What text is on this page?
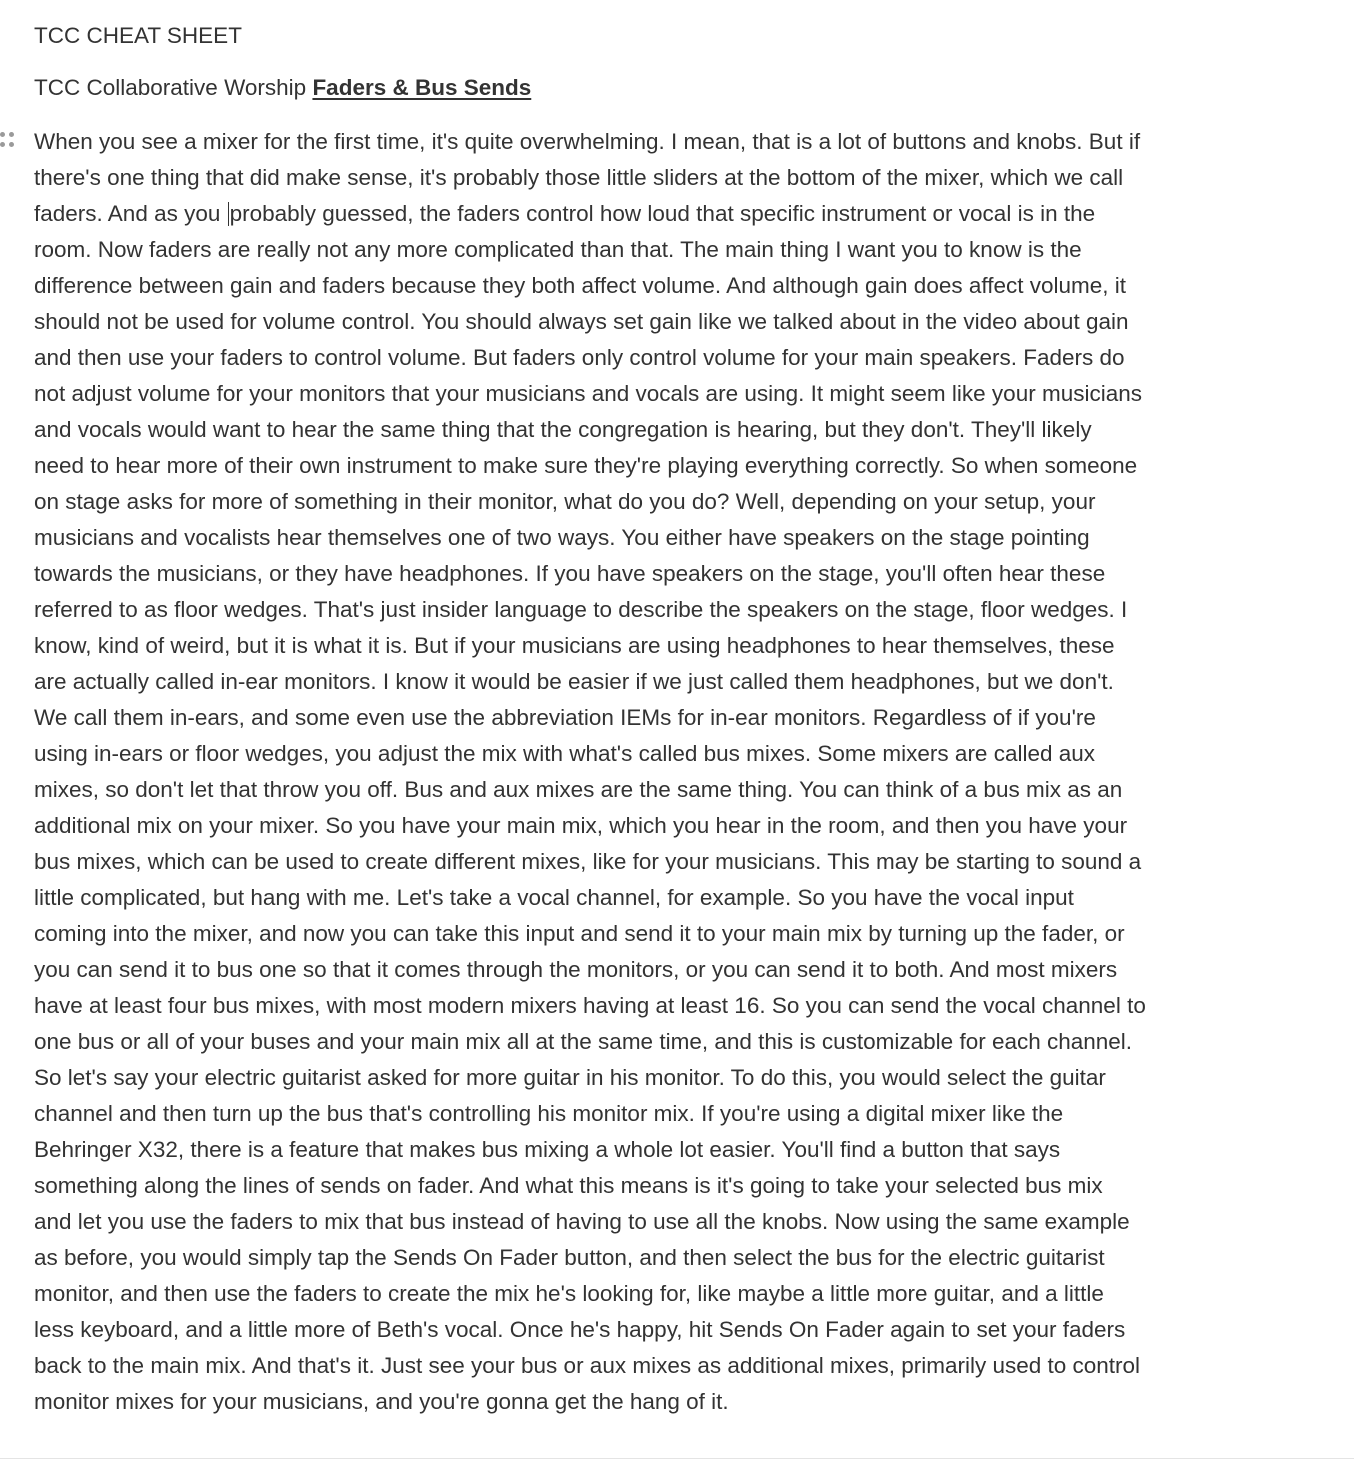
TCC CHEAT SHEET
TCC Collaborative Worship Faders & Bus Sends
When you see a mixer for the first time, it's quite overwhelming. I mean, that is a lot of buttons and knobs. But if
there's one thing that did make sense, it's probably those little sliders at the bottom of the mixer, which we call
faders. And as you probably guessed, the faders control how loud that specific instrument or vocal is in the
room. Now faders are really not any more complicated than that. The main thing I want you to know is the
difference between gain and faders because they both affect volume. And although gain does affect volume, it
should not be used for volume control. You should always set gain like we talked about in the video about gain
and then use your faders to control volume. But faders only control volume for your main speakers. Faders do
not adjust volume for your monitors that your musicians and vocals are using. It might seem like your musicians
and vocals would want to hear the same thing that the congregation is hearing, but they don't. They'll likely
need to hear more of their own instrument to make sure they're playing everything correctly. So when someone
on stage asks for more of something in their monitor, what do you do? Well, depending on your setup, your
musicians and vocalists hear themselves one of two ways. You either have speakers on the stage pointing
towards the musicians, or they have headphones. If you have speakers on the stage, you'll often hear these
referred to as floor wedges. That's just insider language to describe the speakers on the stage, floor wedges. I
know, kind of weird, but it is what it is. But if your musicians are using headphones to hear themselves, these
are actually called in-ear monitors. I know it would be easier if we just called them headphones, but we don't.
We call them in-ears, and some even use the abbreviation IEMs for in-ear monitors. Regardless of if you're
using in-ears or floor wedges, you adjust the mix with what's called bus mixes. Some mixers are called aux
mixes, so don't let that throw you off. Bus and aux mixes are the same thing. You can think of a bus mix as an
additional mix on your mixer. So you have your main mix, which you hear in the room, and then you have your
bus mixes, which can be used to create different mixes, like for your musicians. This may be starting to sound a
little complicated, but hang with me. Let's take a vocal channel, for example. So you have the vocal input
coming into the mixer, and now you can take this input and send it to your main mix by turning up the fader, or
you can send it to bus one so that it comes through the monitors, or you can send it to both. And most mixers
have at least four bus mixes, with most modern mixers having at least 16. So you can send the vocal channel to
one bus or all of your buses and your main mix all at the same time, and this is customizable for each channel.
So let's say your electric guitarist asked for more guitar in his monitor. To do this, you would select the guitar
channel and then turn up the bus that's controlling his monitor mix. If you're using a digital mixer like the
Behringer X32, there is a feature that makes bus mixing a whole lot easier. You'll find a button that says
something along the lines of sends on fader. And what this means is it's going to take your selected bus mix
and let you use the faders to mix that bus instead of having to use all the knobs. Now using the same example
as before, you would simply tap the Sends On Fader button, and then select the bus for the electric guitarist
monitor, and then use the faders to create the mix he's looking for, like maybe a little more guitar, and a little
less keyboard, and a little more of Beth's vocal. Once he's happy, hit Sends On Fader again to set your faders
back to the main mix. And that's it. Just see your bus or aux mixes as additional mixes, primarily used to control
monitor mixes for your musicians, and you're gonna get the hang of it.
